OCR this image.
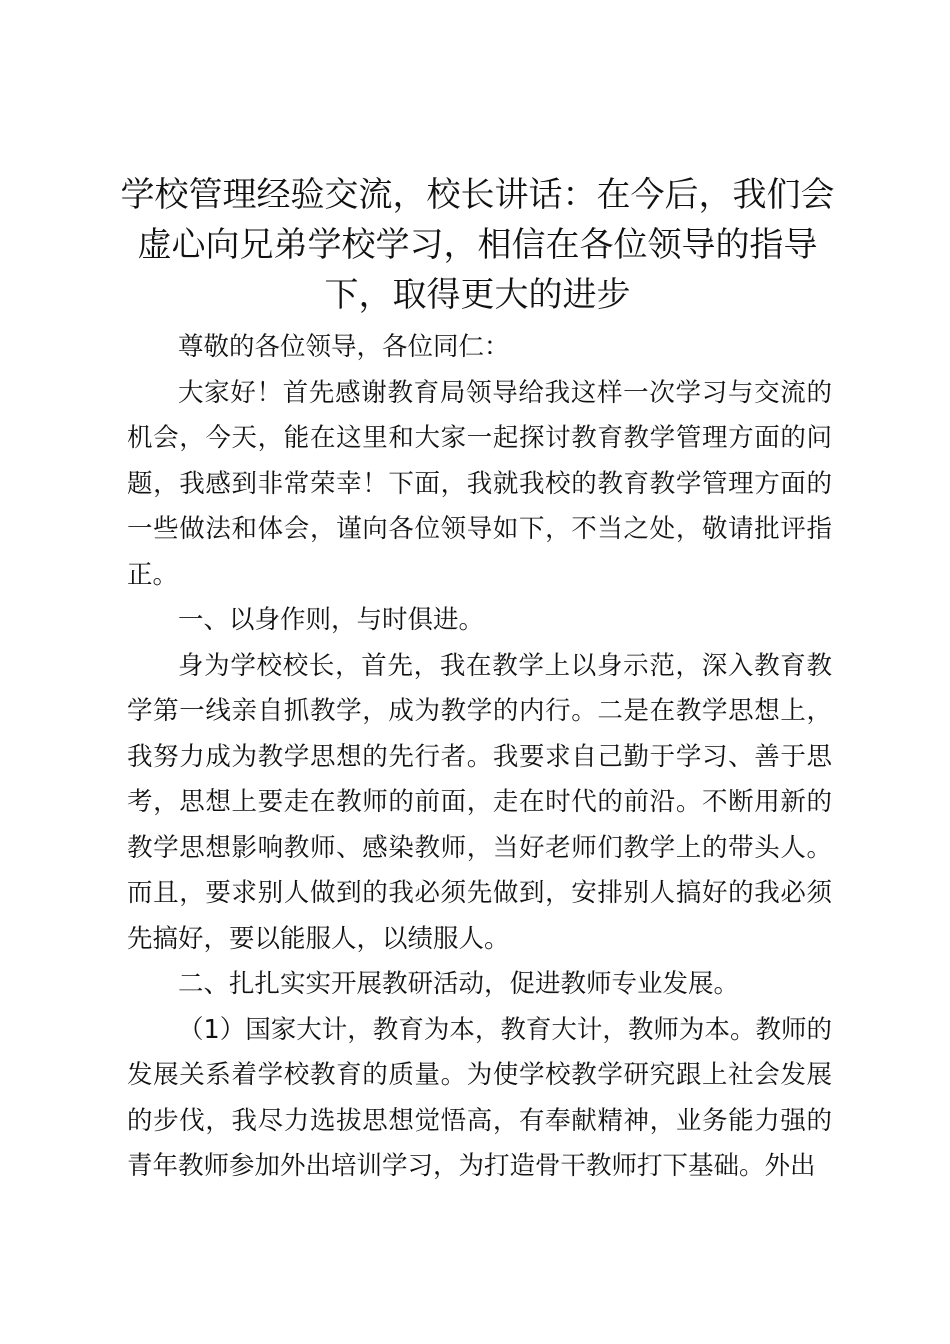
学校管理经验交流，校长讲话：在今后，我们会虚心向兄弟学校学习，相信在各位领导的指导下，取得更大的进步

尊敬的各位领导，各位同仁：

大家好！首先感谢教育局领导给我这样一次学习与交流的机会，今天，能在这里和大家一起探讨教育教学管理方面的问题，我感到非常荣幸！下面，我就我校的教育教学管理方面的一些做法和体会，谨向各位领导如下，不当之处，敬请批评指正。

一、以身作则，与时俱进。

身为学校校长，首先，我在教学上以身示范，深入教育教学第一线亲自抓教学，成为教学的内行。二是在教学思想上，我努力成为教学思想的先行者。我要求自己勤于学习、善于思考，思想上要走在教师的前面，走在时代的前沿。不断用新的教学思想影响教师、感染教师，当好老师们教学上的带头人。而且，要求别人做到的我必须先做到，安排别人搞好的我必须先搞好，要以能服人，以绩服人。

二、扎扎实实开展教研活动，促进教师专业发展。

（1）国家大计，教育为本，教育大计，教师为本。教师的发展关系着学校教育的质量。为使学校教学研究跟上社会发展的步伐，我尽力选拔思想觉悟高，有奉献精神，业务能力强的青年教师参加外出培训学习，为打造骨干教师打下基础。外出
